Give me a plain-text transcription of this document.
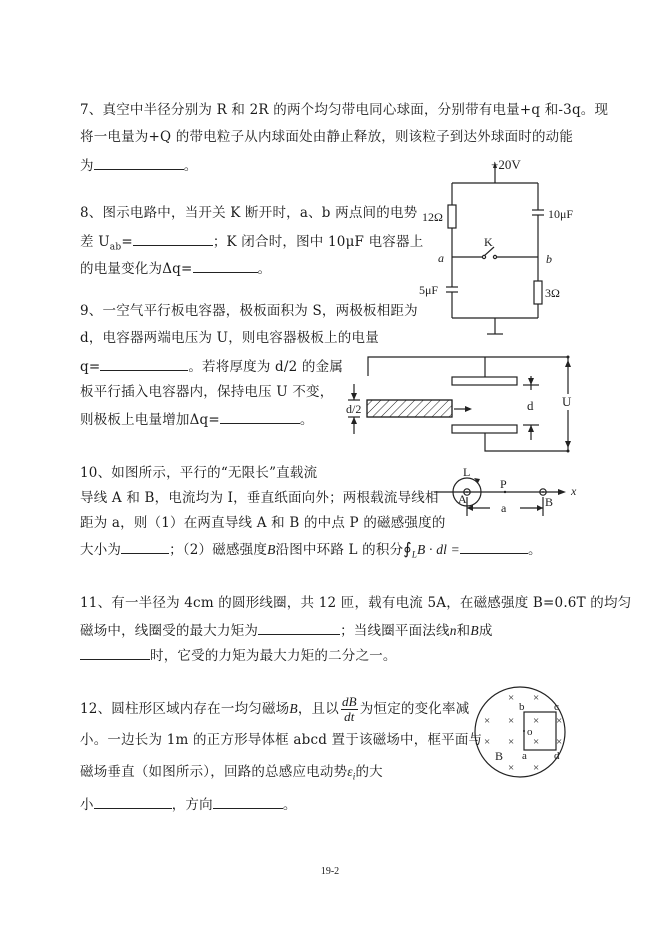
7、真空中半径分别为 R 和 2R 的两个均匀带电同心球面，分别带有电量+q 和-3q。现
将一电量为+Q 的带电粒子从内球面处由静止释放，则该粒子到达外球面时的动能
为	。
8、图示电路中，当开关 K 断开时，a、b 两点间的电势
差 $U_{ab}=$	；K 闭合时，图中 10μF 电容器上
的电量变化为Δq=	。
+20V
12Ω	10μF
K
a	b
5μF	3Ω
9、一空气平行板电容器，极板面积为 S，两极板相距为
d，电容器两端电压为 U，则电容器极板上的电量
q=	。若将厚度为 d/2 的金属
板平行插入电容器内，保持电压 U 不变，
则极板上电量增加Δq=	。
U
d
d/2
10、如图所示，平行的“无限长”直载流
导线 A 和 B，电流均为 I，垂直纸面向外；两根载流导线相
距为 a，则（1）在两直导线 A 和 B 的中点 P 的磁感强度的
大小为	；（2）磁感强度B沿图中环路 L 的积分$∮_LB$ · dl =	。
L
A
P
B
a
x
11、有一半径为 4cm 的圆形线圈，共 12 匝，载有电流 5A，在磁感强度 B=0.6T 的均匀
磁场中，线圈受的最大力矩为	；当线圈平面法线n和B成
时，它受的力矩为最大力矩的二分之一。
12、圆柱形区域内存在一均匀磁场B，且以 $\frac{dB}{dt}$ 为恒定的变化率减
小。一边长为 1m 的正方形导体框 abcd 置于该磁场中，框平面与
磁场垂直（如图所示），回路的总感应电动势$\varepsilon_i$的大
小	，方向	。
× ×
× × × ×
× × × ×
× ×
b	c
a d
o
B
19-2
